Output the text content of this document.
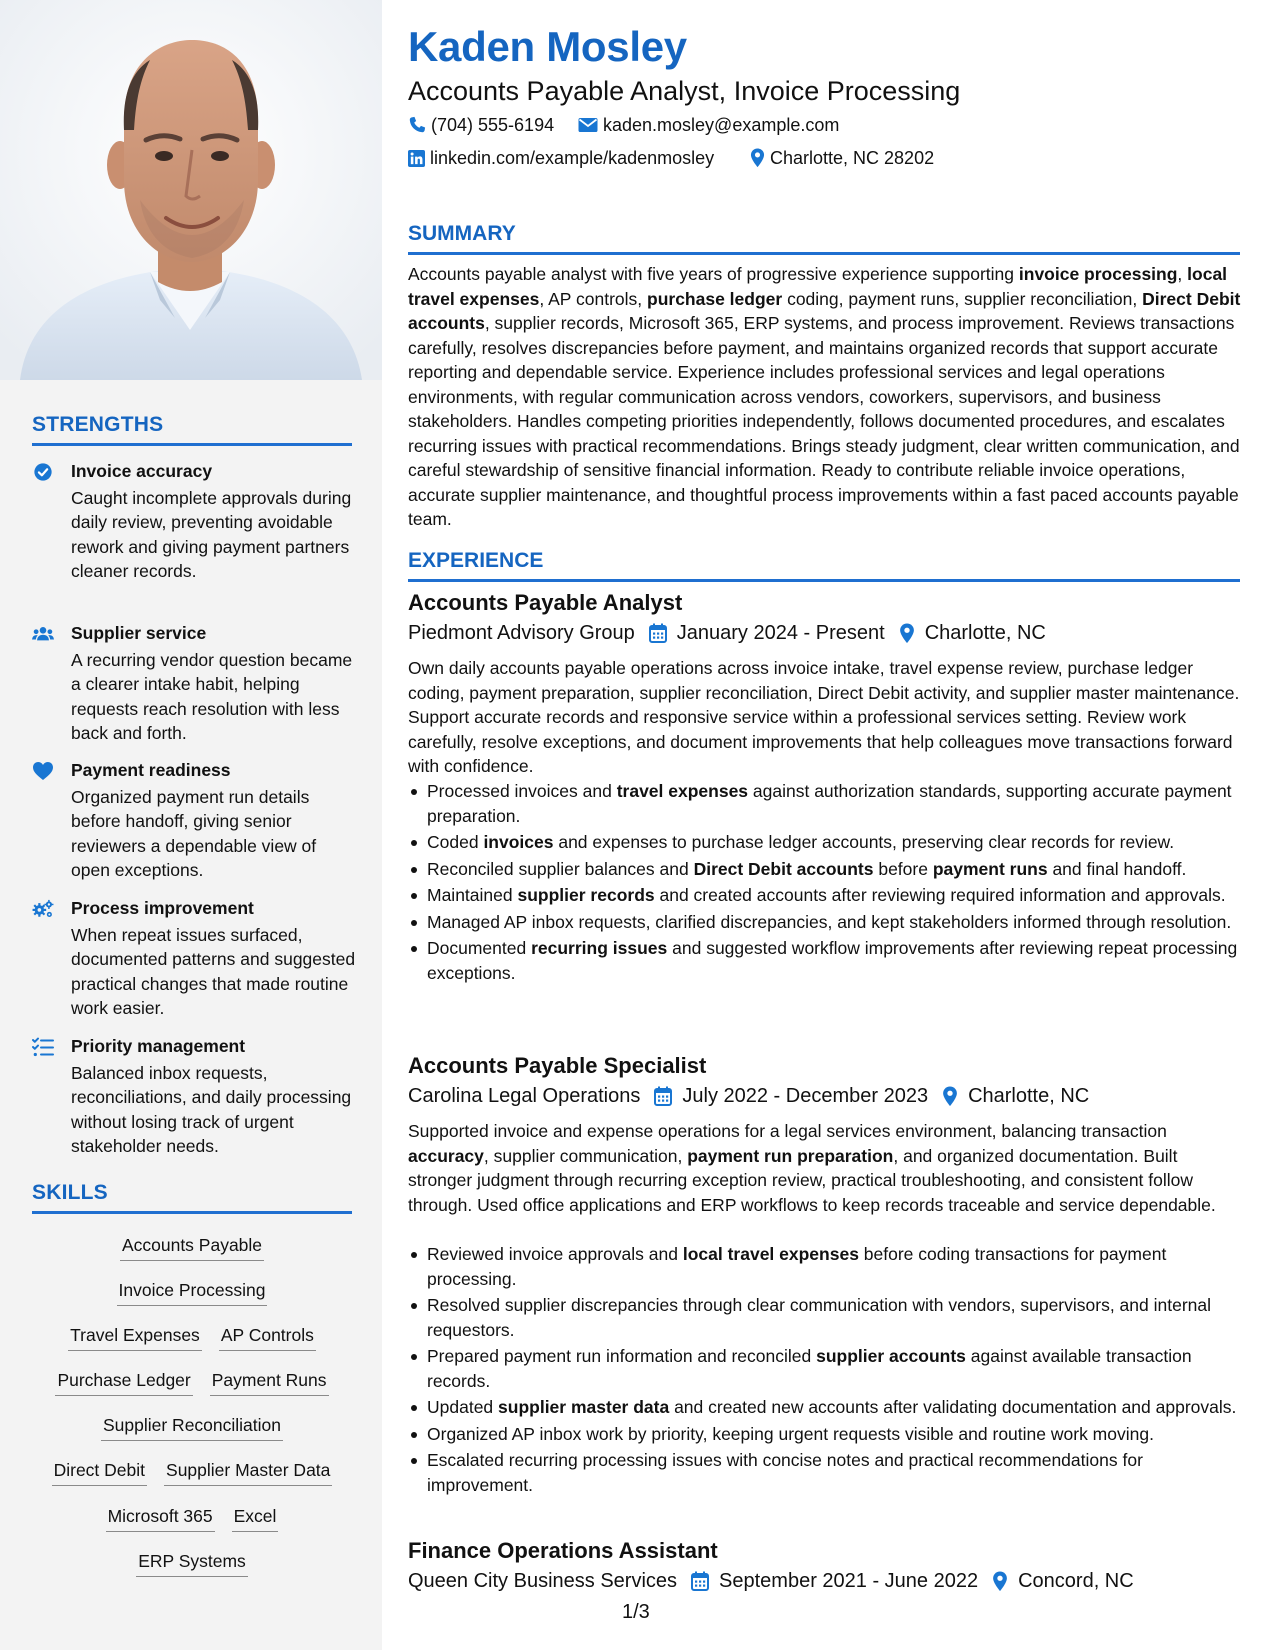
STRENGTHS
Invoice accuracy
Caught incomplete approvals during daily review, preventing avoidable rework and giving payment partners cleaner records.
Supplier service
A recurring vendor question became a clearer intake habit, helping requests reach resolution with less back and forth.
Payment readiness
Organized payment run details before handoff, giving senior reviewers a dependable view of open exceptions.
Process improvement
When repeat issues surfaced, documented patterns and suggested practical changes that made routine work easier.
Priority management
Balanced inbox requests, reconciliations, and daily processing without losing track of urgent stakeholder needs.
SKILLS
Accounts Payable
Invoice Processing
Travel Expenses AP Controls
Purchase Ledger Payment Runs
Supplier Reconciliation
Direct Debit Supplier Master Data
Microsoft 365 Excel
ERP Systems
Kaden Mosley
Accounts Payable Analyst, Invoice Processing
(704) 555-6194	kaden.mosley@example.com
linkedin.com/example/kadenmosley	Charlotte, NC 28202
SUMMARY
Accounts payable analyst with five years of progressive experience supporting invoice processing, local travel expenses, AP controls, purchase ledger coding, payment runs, supplier reconciliation, Direct Debit accounts, supplier records, Microsoft 365, ERP systems, and process improvement. Reviews transactions carefully, resolves discrepancies before payment, and maintains organized records that support accurate reporting and dependable service. Experience includes professional services and legal operations environments, with regular communication across vendors, coworkers, supervisors, and business stakeholders. Handles competing priorities independently, follows documented procedures, and escalates recurring issues with practical recommendations. Brings steady judgment, clear written communication, and careful stewardship of sensitive financial information. Ready to contribute reliable invoice operations, accurate supplier maintenance, and thoughtful process improvements within a fast paced accounts payable team.
EXPERIENCE
Accounts Payable Analyst
Piedmont Advisory Group January 2024 - Present Charlotte, NC
Own daily accounts payable operations across invoice intake, travel expense review, purchase ledger coding, payment preparation, supplier reconciliation, Direct Debit activity, and supplier master maintenance. Support accurate records and responsive service within a professional services setting. Review work carefully, resolve exceptions, and document improvements that help colleagues move transactions forward with confidence.
Processed invoices and travel expenses against authorization standards, supporting accurate payment preparation.
Coded invoices and expenses to purchase ledger accounts, preserving clear records for review.
Reconciled supplier balances and Direct Debit accounts before payment runs and final handoff.
Maintained supplier records and created accounts after reviewing required information and approvals.
Managed AP inbox requests, clarified discrepancies, and kept stakeholders informed through resolution.
Documented recurring issues and suggested workflow improvements after reviewing repeat processing exceptions.
Accounts Payable Specialist
Carolina Legal Operations July 2022 - December 2023 Charlotte, NC
Supported invoice and expense operations for a legal services environment, balancing transaction accuracy, supplier communication, payment run preparation, and organized documentation. Built stronger judgment through recurring exception review, practical troubleshooting, and consistent follow through. Used office applications and ERP workflows to keep records traceable and service dependable.
Reviewed invoice approvals and local travel expenses before coding transactions for payment processing.
Resolved supplier discrepancies through clear communication with vendors, supervisors, and internal requestors.
Prepared payment run information and reconciled supplier accounts against available transaction records.
Updated supplier master data and created new accounts after validating documentation and approvals.
Organized AP inbox work by priority, keeping urgent requests visible and routine work moving.
Escalated recurring processing issues with concise notes and practical recommendations for improvement.
Finance Operations Assistant
Queen City Business Services September 2021 - June 2022 Concord, NC
1/3
